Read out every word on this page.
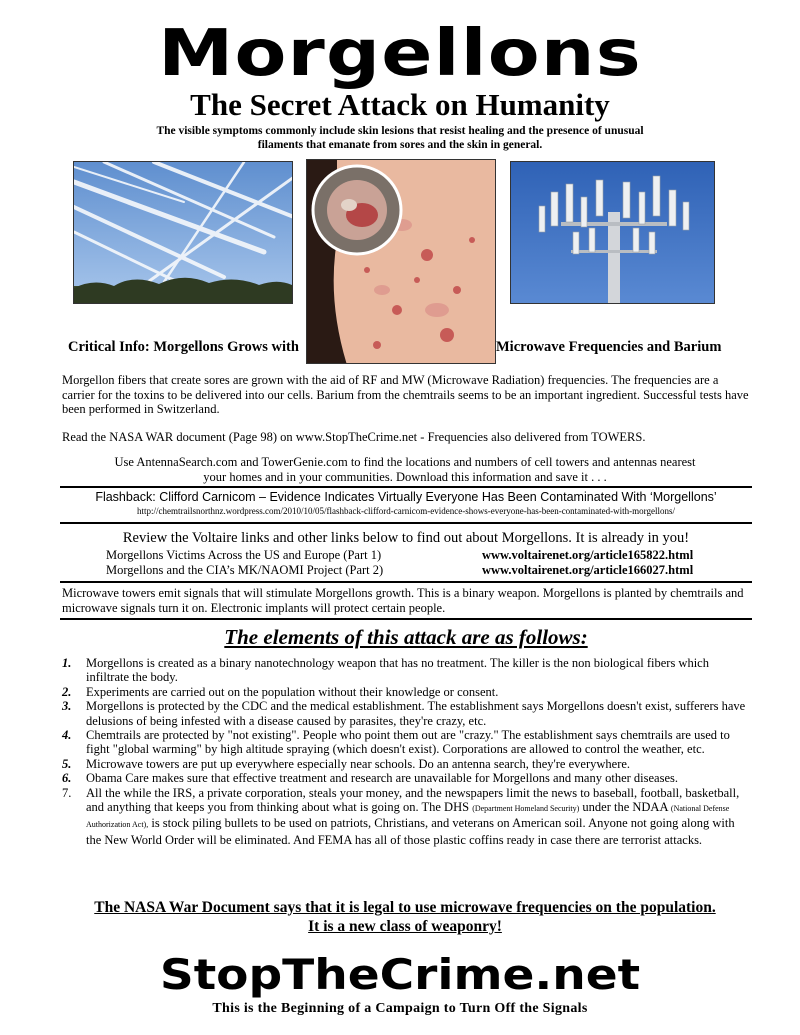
Morgellons
The Secret Attack on Humanity
The visible symptoms commonly include skin lesions that resist healing and the presence of unusual filaments that emanate from sores and the skin in general.
Critical Info: Morgellons Grows with	Microwave Frequencies and Barium
Morgellon fibers that create sores are grown with the aid of RF and MW (Microwave Radiation) frequencies. The frequencies are a carrier for the toxins to be delivered into our cells. Barium from the chemtrails seems to be an important ingredient. Successful tests have been performed in Switzerland.
Read the NASA WAR document (Page 98) on www.StopTheCrime.net - Frequencies also delivered from TOWERS.
Use AntennaSearch.com and TowerGenie.com to find the locations and numbers of cell towers and antennas nearest your homes and in your communities. Download this information and save it . . .
Flashback: Clifford Carnicom – Evidence Indicates Virtually Everyone Has Been Contaminated With ‘Morgellons’
http://chemtrailsnorthnz.wordpress.com/2010/10/05/flashback-clifford-carnicom-evidence-shows-everyone-has-been-contaminated-with-morgellons/
Review the Voltaire links and other links below to find out about Morgellons. It is already in you!
Morgellons Victims Across the US and Europe (Part 1)	www.voltairenet.org/article165822.html
Morgellons and the CIA’s MK/NAOMI Project (Part 2)	www.voltairenet.org/article166027.html
Microwave towers emit signals that will stimulate Morgellons growth. This is a binary weapon. Morgellons is planted by chemtrails and microwave signals turn it on. Electronic implants will protect certain people.
The elements of this attack are as follows:
1.	Morgellons is created as a binary nanotechnology weapon that has no treatment. The killer is the non biological fibers which infiltrate the body.
2.	Experiments are carried out on the population without their knowledge or consent.
3.	Morgellons is protected by the CDC and the medical establishment. The establishment says Morgellons doesn't exist, sufferers have delusions of being infested with a disease caused by parasites, they're crazy, etc.
4.	Chemtrails are protected by "not existing". People who point them out are "crazy." The establishment says chemtrails are used to fight "global warming" by high altitude spraying (which doesn't exist). Corporations are allowed to control the weather, etc.
5.	Microwave towers are put up everywhere especially near schools. Do an antenna search, they're everywhere.
6.	Obama Care makes sure that effective treatment and research are unavailable for Morgellons and many other diseases.
7.	All the while the IRS, a private corporation, steals your money, and the newspapers limit the news to baseball, football, basketball, and anything that keeps you from thinking about what is going on. The DHS (Department Homeland Security) under the NDAA (National Defense Authorization Act), is stock piling bullets to be used on patriots, Christians, and veterans on American soil. Anyone not going along with the New World Order will be eliminated. And FEMA has all of those plastic coffins ready in case there are terrorist attacks.
The NASA War Document says that it is legal to use microwave frequencies on the population.
It is a new class of weaponry!
StopTheCrime.net
This is the Beginning of a Campaign to Turn Off the Signals
